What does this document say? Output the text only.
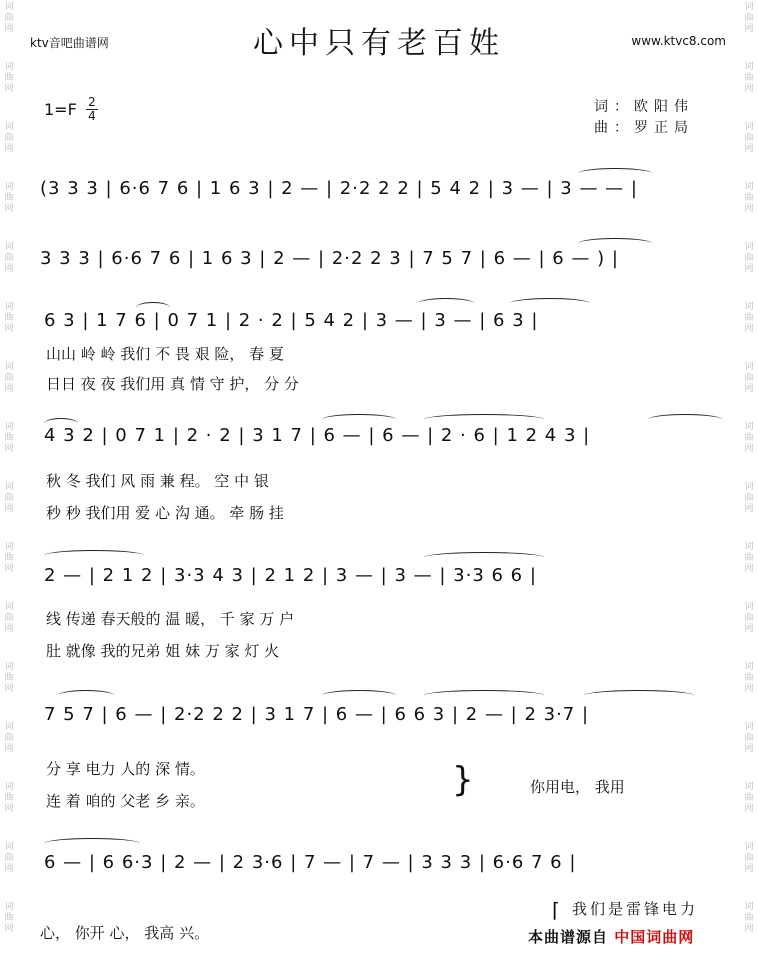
词
曲
网
词
曲
网
词
曲
网
词
曲
网
词
曲
网
词
曲
网
词
曲
网
词
曲
网
词
曲
网
词
曲
网
词
曲
网
词
曲
网
词
曲
网
词
曲
网
词
曲
网
词
曲
网
词
曲
网
词
曲
网
词
曲
网
词
曲
网
词
曲
网
词
曲
网
词
曲
网
词
曲
网
词
曲
网
词
曲
网
词
曲
网
词
曲
网
词
曲
网
词
曲
网
词
曲
网
词
曲
网
心中只有老百姓
ktv音吧曲谱网	www.ktvc8.com
$1=F \frac{2}{4}$	词：欧阳伟
曲：罗正局
(3 3 3 | 6·6 7 6 | 1 6 3 | 2 — | 2·2 2 2 | 5 4 2 | 3 — | 3 — — |
3 3 3 | 6·6 7 6 | 1 6 3 | 2 — | 2·2 2 3 | 7 5 7 | 6 — | 6 — ) |
6 3 | 1 7 6 | 0 7 1 | 2 · 2 | 5 4 2 | 3 — | 3 — | 6 3 |
4 3 2 | 0 7 1 | 2 · 2 | 3 1 7 | 6 — | 6 — | 2 · 6 | 1 2 4 3 |
2 — | 2 1 2 | 3·3 4 3 | 2 1 2 | 3 — | 3 — | 3·3 6 6 |
7 5 7 | 6 — | 2·2 2 2 | 3 1 7 | 6 — | 6 6 3 | 2 — | 2 3·7 |
6 — | 6 6·3 | 2 — | 2 3·6 | 7 — | 7 — | 3 3 3 | 6·6 7 6 |
山山 岭 岭 我们 不 畏 艰 险， 春 夏
日日 夜 夜 我们用 真 情 守 护， 分 分
秋 冬 我们 风 雨 兼 程。 空 中 银
秒 秒 我们用 爱 心 沟 通。 牵 肠 挂
线 传递 春天般的 温 暖， 千 家 万 户
肚 就像 我的兄弟 姐 妹 万 家 灯 火
分 享 电力 人的 深 情。
连 着 咱的 父老 乡 亲。
}	你用电， 我用
心， 你开 心， 我高 兴。
⌈ 我们是雷锋电力
本曲谱源自 中国词曲网
